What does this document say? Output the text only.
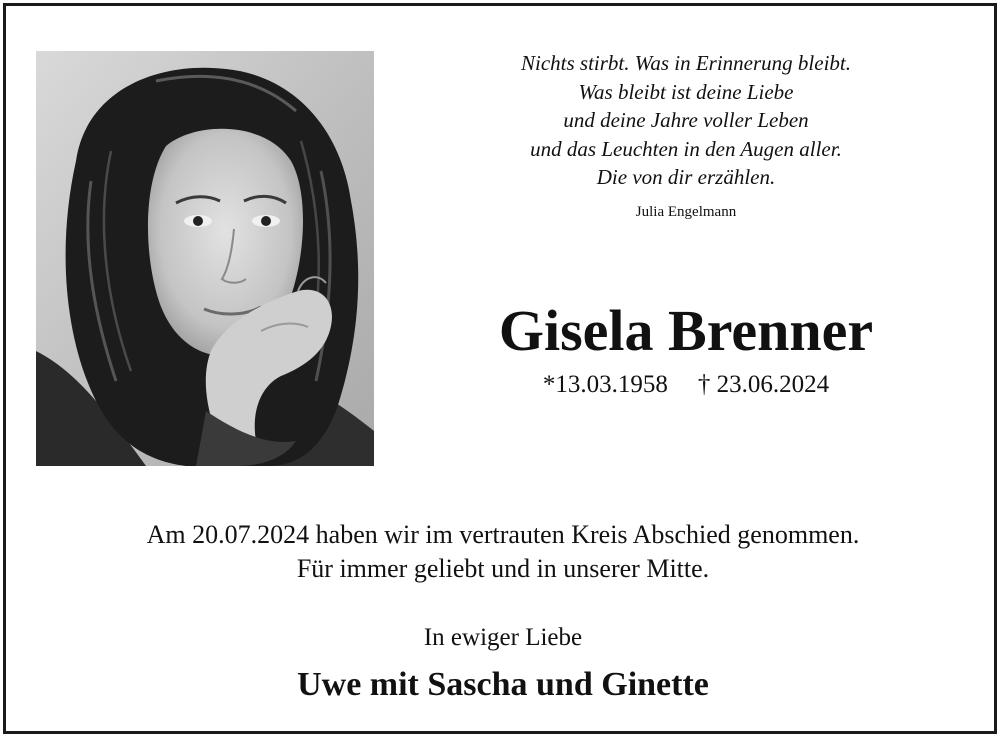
Nichts stirbt. Was in Erinnerung bleibt.
Was bleibt ist deine Liebe
und deine Jahre voller Leben
und das Leuchten in den Augen aller.
Die von dir erzählen.
Julia Engelmann
Gisela Brenner
*13.03.1958 † 23.06.2024
Am 20.07.2024 haben wir im vertrauten Kreis Abschied genommen.
Für immer geliebt und in unserer Mitte.
In ewiger Liebe
Uwe mit Sascha und Ginette
